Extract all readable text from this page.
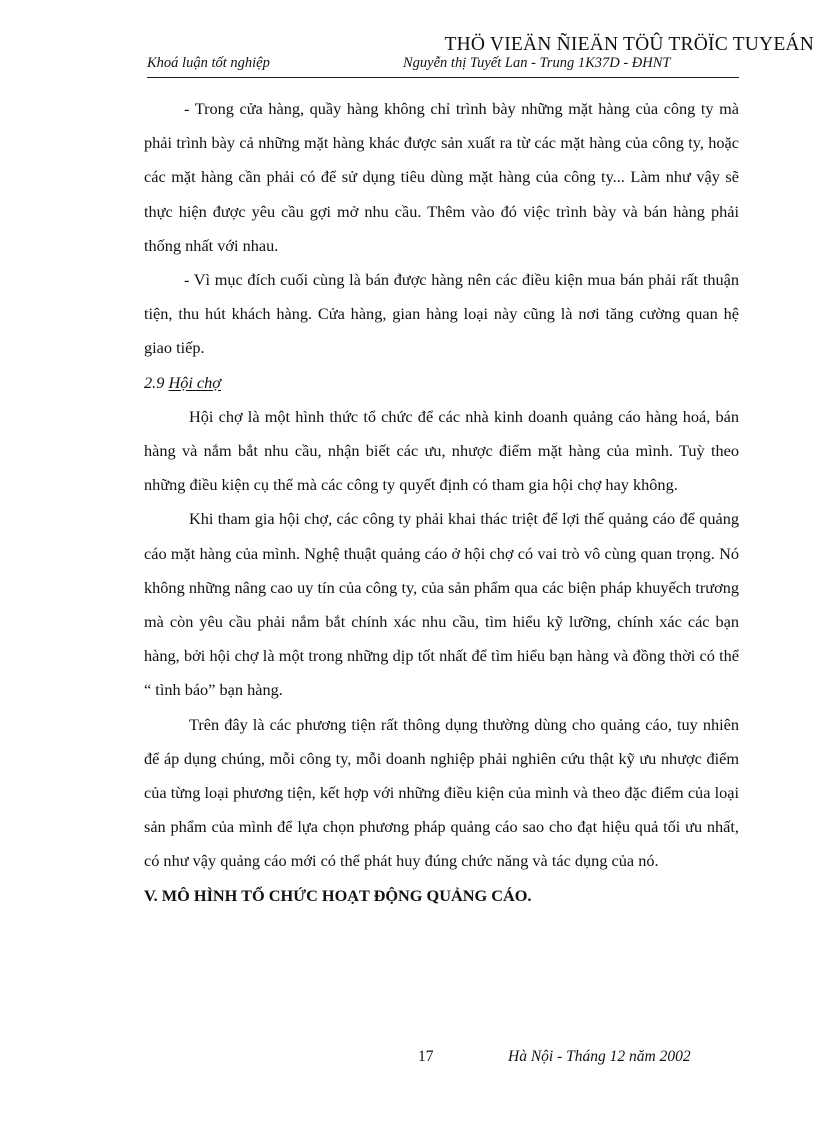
THÖ VIEÄN ÑIEÄN TÖÛ TRÖÏC TUYEÁN
Khoá luận tốt nghiệp	Nguyễn thị Tuyết Lan - Trung 1K37D - ĐHNT

- Trong cửa hàng, quầy hàng không chỉ trình bày những mặt hàng của công ty mà phải trình bày cả những mặt hàng khác được sản xuất ra từ các mặt hàng của công ty, hoặc các mặt hàng cần phải có để sử dụng tiêu dùng mặt hàng của công ty... Làm như vậy sẽ thực hiện được yêu cầu gợi mở nhu cầu. Thêm vào đó việc trình bày và bán hàng phải thống nhất với nhau.

- Vì mục đích cuối cùng là bán được hàng nên các điều kiện mua bán phải rất thuận tiện, thu hút khách hàng. Cửa hàng, gian hàng loại này cũng là nơi tăng cường quan hệ giao tiếp.

2.9 Hội chợ

Hội chợ là một hình thức tổ chức để các nhà kinh doanh quảng cáo hàng hoá, bán hàng và nắm bắt nhu cầu, nhận biết các ưu, nhược điểm mặt hàng của mình. Tuỳ theo những điều kiện cụ thể mà các công ty quyết định có tham gia hội chợ hay không.

Khi tham gia hội chợ, các công ty phải khai thác triệt để lợi thế quảng cáo để quảng cáo mặt hàng của mình. Nghệ thuật quảng cáo ở hội chợ có vai trò vô cùng quan trọng. Nó không những nâng cao uy tín của công ty, của sản phẩm qua các biện pháp khuyếch trương mà còn yêu cầu phải nắm bắt chính xác nhu cầu, tìm hiểu kỹ lưỡng, chính xác các bạn hàng, bởi hội chợ là một trong những dịp tốt nhất để tìm hiểu bạn hàng và đồng thời có thể “ tình báo” bạn hàng.

Trên đây là các phương tiện rất thông dụng thường dùng cho quảng cáo, tuy nhiên để áp dụng chúng, mỗi công ty, mỗi doanh nghiệp phải nghiên cứu thật kỹ ưu nhược điểm của từng loại phương tiện, kết hợp với những điều kiện của mình và theo đặc điểm của loại sản phẩm của mình để lựa chọn phương pháp quảng cáo sao cho đạt hiệu quả tối ưu nhất, có như vậy quảng cáo mới có thể phát huy đúng chức năng và tác dụng của nó.

V. MÔ HÌNH TỔ CHỨC HOẠT ĐỘNG QUẢNG CÁO.
17	Hà Nội - Tháng 12 năm 2002
